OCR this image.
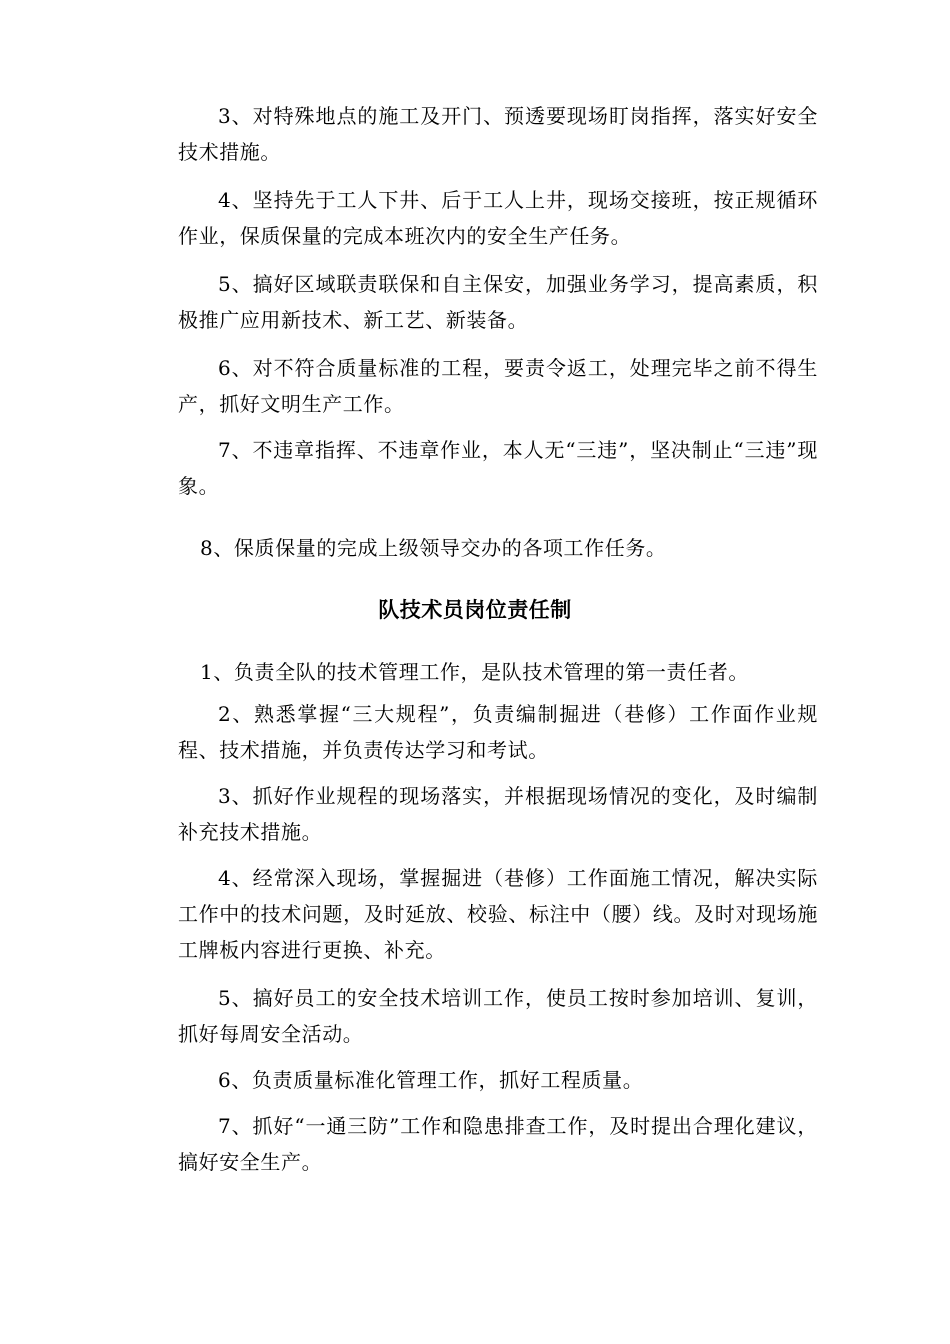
3、对特殊地点的施工及开门、预透要现场盯岗指挥，落实好安全技术措施。

4、坚持先于工人下井、后于工人上井，现场交接班，按正规循环作业，保质保量的完成本班次内的安全生产任务。

5、搞好区域联责联保和自主保安，加强业务学习，提高素质，积极推广应用新技术、新工艺、新装备。

6、对不符合质量标准的工程，要责令返工，处理完毕之前不得生产，抓好文明生产工作。

7、不违章指挥、不违章作业，本人无“三违”，坚决制止“三违”现象。

8、保质保量的完成上级领导交办的各项工作任务。

队技术员岗位责任制

1、负责全队的技术管理工作，是队技术管理的第一责任者。

2、熟悉掌握“三大规程”，负责编制掘进（巷修）工作面作业规程、技术措施，并负责传达学习和考试。

3、抓好作业规程的现场落实，并根据现场情况的变化，及时编制补充技术措施。

4、经常深入现场，掌握掘进（巷修）工作面施工情况，解决实际工作中的技术问题，及时延放、校验、标注中（腰）线。及时对现场施工牌板内容进行更换、补充。

5、搞好员工的安全技术培训工作，使员工按时参加培训、复训，抓好每周安全活动。

6、负责质量标准化管理工作，抓好工程质量。

7、抓好“一通三防”工作和隐患排查工作，及时提出合理化建议，搞好安全生产。
